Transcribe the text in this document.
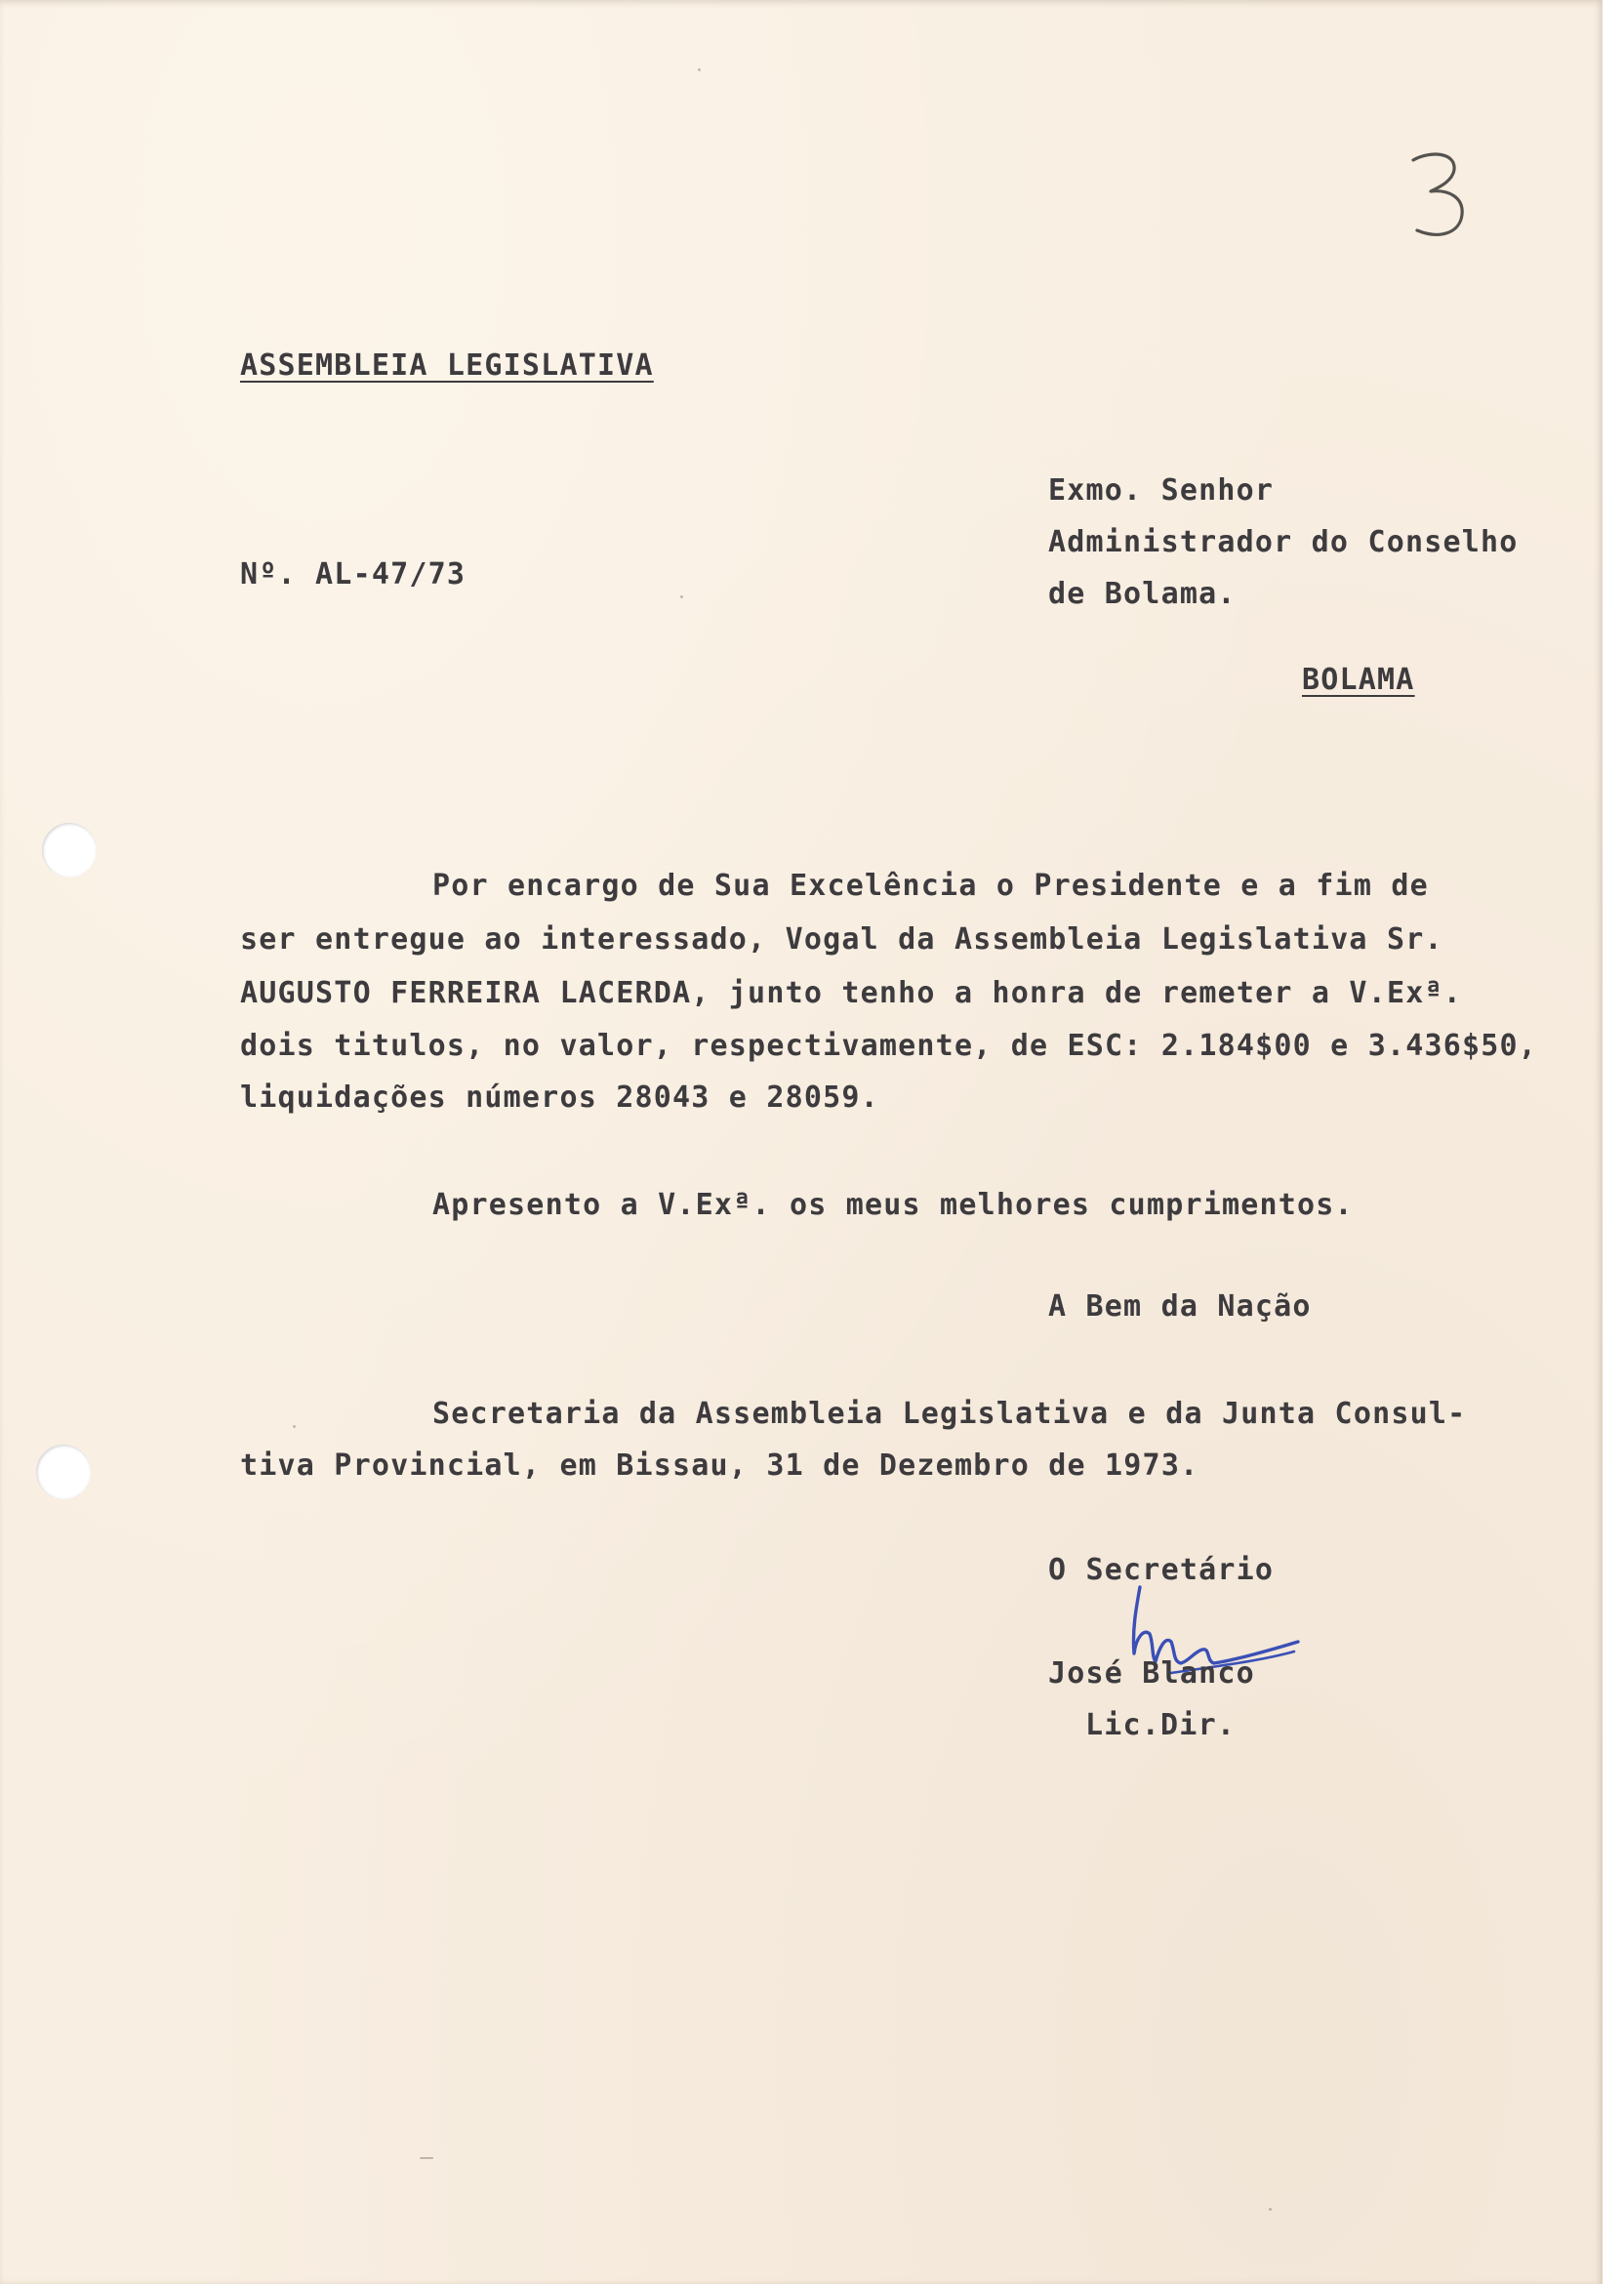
ASSEMBLEIA LEGISLATIVA
Nº. AL-47/73
Exmo. Senhor
Administrador do Conselho
de Bolama.
BOLAMA
Por encargo de Sua Excelência o Presidente e a fim de
ser entregue ao interessado, Vogal da Assembleia Legislativa Sr.
AUGUSTO FERREIRA LACERDA, junto tenho a honra de remeter a V.Exª.
dois titulos, no valor, respectivamente, de ESC: 2.184$00 e 3.436$50,
liquidações números 28043 e 28059.
Apresento a V.Exª. os meus melhores cumprimentos.
A Bem da Nação
Secretaria da Assembleia Legislativa e da Junta Consul-
tiva Provincial, em Bissau, 31 de Dezembro de 1973.
O Secretário
José Blanco
Lic.Dir.
